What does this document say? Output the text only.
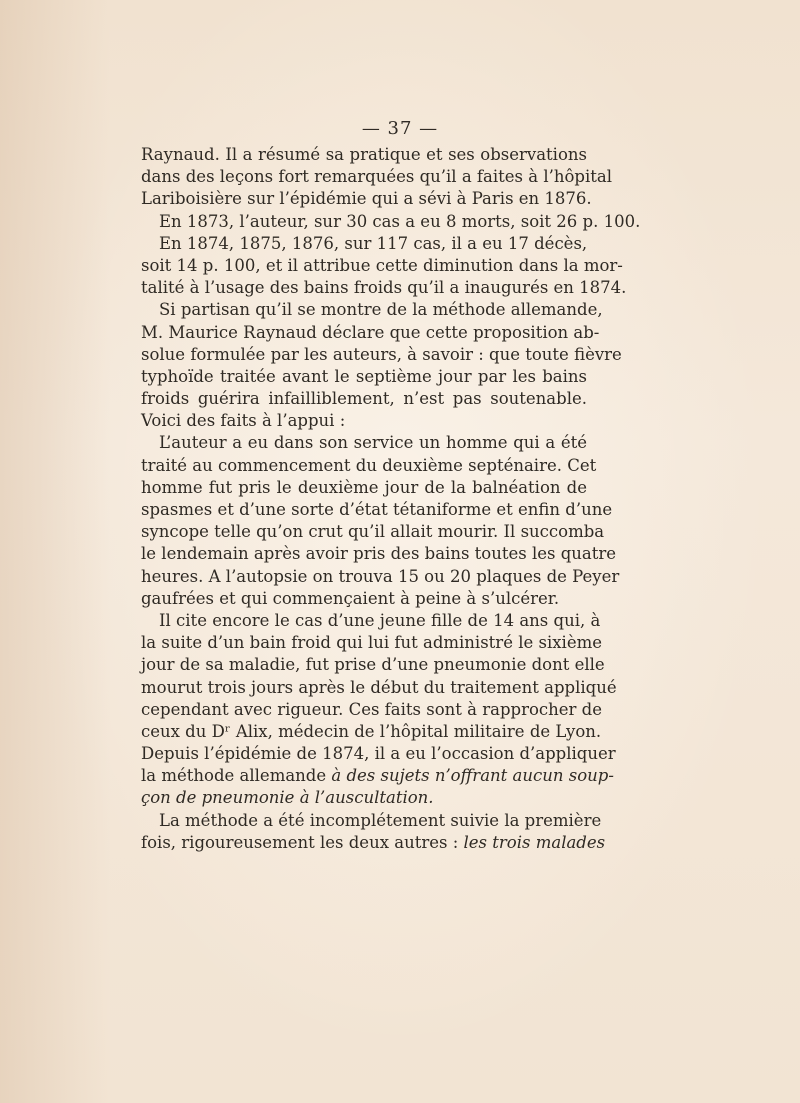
— 37 —
Raynaud. Il a résumé sa pratique et ses observations
dans des leçons fort remarquées qu’il a faites à l’hôpital
Lariboisière sur l’épidémie qui a sévi à Paris en 1876.
En 1873, l’auteur, sur 30 cas a eu 8 morts, soit 26 p. 100.
En 1874, 1875, 1876, sur 117 cas, il a eu 17 décès,
soit 14 p. 100, et il attribue cette diminution dans la mor-
talité à l’usage des bains froids qu’il a inaugurés en 1874.
Si partisan qu’il se montre de la méthode allemande,
M. Maurice Raynaud déclare que cette proposition ab-
solue formulée par les auteurs, à savoir : que toute fièvre
typhoïde traitée avant le septième jour par les bains
froids guérira infailliblement, n’est pas soutenable.
Voici des faits à l’appui :
L’auteur a eu dans son service un homme qui a été
traité au commencement du deuxième septénaire. Cet
homme fut pris le deuxième jour de la balnéation de
spasmes et d’une sorte d’état tétaniforme et enfin d’une
syncope telle qu’on crut qu’il allait mourir. Il succomba
le lendemain après avoir pris des bains toutes les quatre
heures. A l’autopsie on trouva 15 ou 20 plaques de Peyer
gaufrées et qui commençaient à peine à s’ulcérer.
Il cite encore le cas d’une jeune fille de 14 ans qui, à
la suite d’un bain froid qui lui fut administré le sixième
jour de sa maladie, fut prise d’une pneumonie dont elle
mourut trois jours après le début du traitement appliqué
cependant avec rigueur. Ces faits sont à rapprocher de
ceux du Dʳ Alix, médecin de l’hôpital militaire de Lyon.
Depuis l’épidémie de 1874, il a eu l’occasion d’appliquer
la méthode allemande à des sujets n’offrant aucun soup-
çon de pneumonie à l’auscultation.
La méthode a été incomplétement suivie la première
fois, rigoureusement les deux autres : les trois malades
